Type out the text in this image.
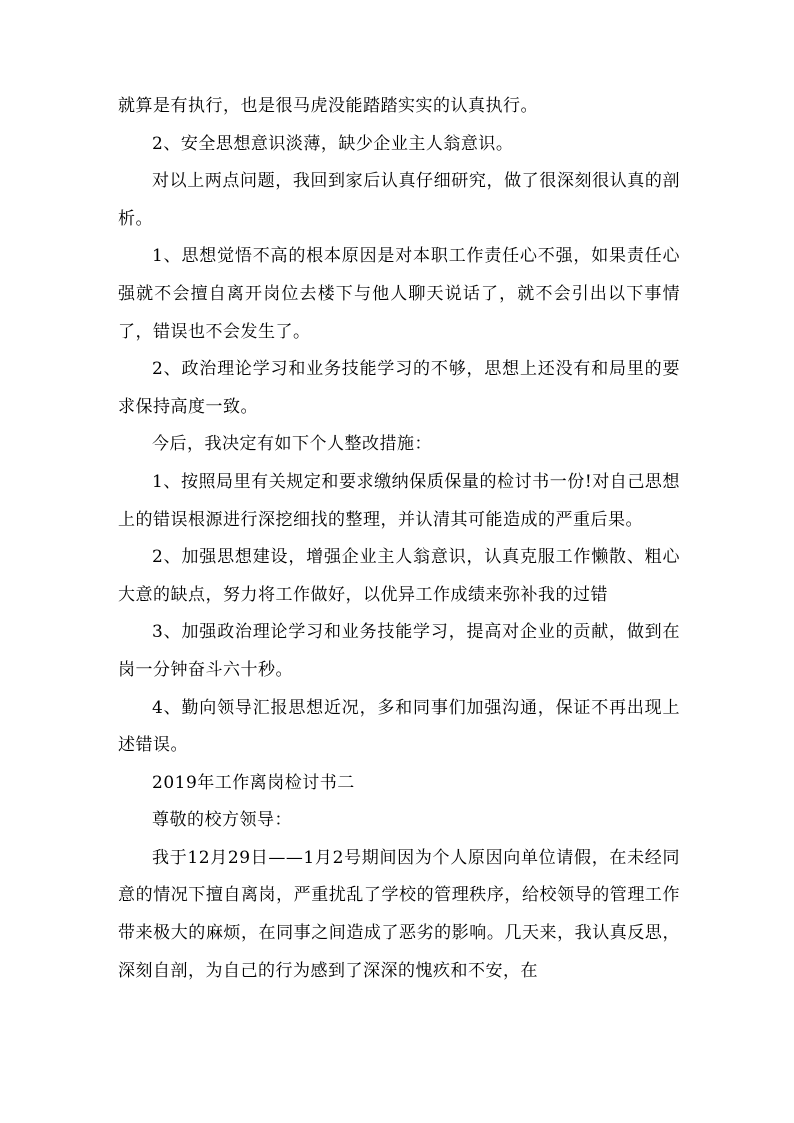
就算是有执行，也是很马虎没能踏踏实实的认真执行。

2、安全思想意识淡薄，缺少企业主人翁意识。

对以上两点问题，我回到家后认真仔细研究，做了很深刻很认真的剖析。

1、思想觉悟不高的根本原因是对本职工作责任心不强，如果责任心强就不会擅自离开岗位去楼下与他人聊天说话了，就不会引出以下事情了，错误也不会发生了。

2、政治理论学习和业务技能学习的不够，思想上还没有和局里的要求保持高度一致。

今后，我决定有如下个人整改措施：

1、按照局里有关规定和要求缴纳保质保量的检讨书一份!对自己思想上的错误根源进行深挖细找的整理，并认清其可能造成的严重后果。

2、加强思想建设，增强企业主人翁意识，认真克服工作懒散、粗心大意的缺点，努力将工作做好，以优异工作成绩来弥补我的过错

3、加强政治理论学习和业务技能学习，提高对企业的贡献，做到在岗一分钟奋斗六十秒。

4、勤向领导汇报思想近况，多和同事们加强沟通，保证不再出现上述错误。

2019年工作离岗检讨书二

尊敬的校方领导：

我于12月29日——1月2号期间因为个人原因向单位请假，在未经同意的情况下擅自离岗，严重扰乱了学校的管理秩序，给校领导的管理工作带来极大的麻烦，在同事之间造成了恶劣的影响。几天来，我认真反思，深刻自剖，为自己的行为感到了深深的愧疚和不安，在
